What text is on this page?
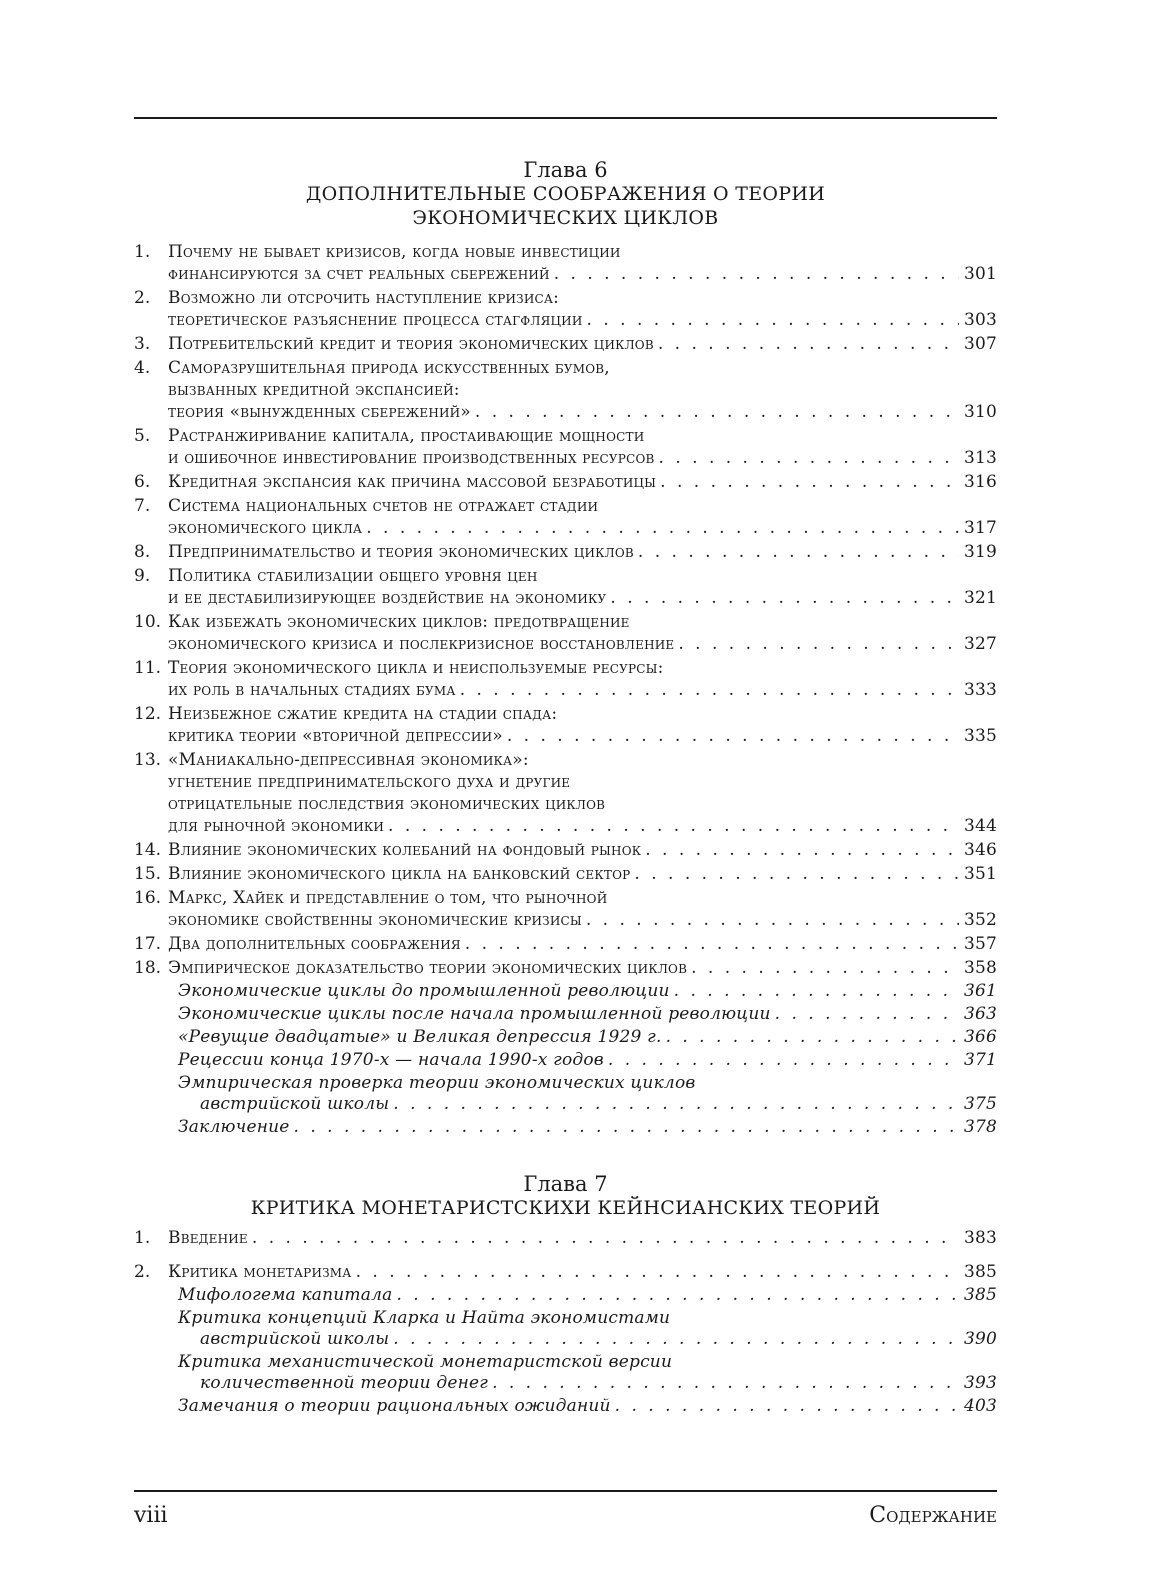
Глава 6
ДОПОЛНИТЕЛЬНЫЕ СООБРАЖЕНИЯ О ТЕОРИИ
ЭКОНОМИЧЕСКИХ ЦИКЛОВ
1.	Почему не бывает кризисов, когда новые инвестиции
финансируются за счет реальных сбережений . . .	301
2.	Возможно ли отсрочить наступление кризиса:
теоретическое разъяснение процесса стагфляции . . .	303
3.	Потребительский кредит и теория экономических циклов . . .	307
4.	Саморазрушительная природа искусственных бумов,
вызванных кредитной экспансией:
теория «вынужденных сбережений» . . .	310
5.	Растранжиривание капитала, простаивающие мощности
и ошибочное инвестирование производственных ресурсов . . .	313
6.	Кредитная экспансия как причина массовой безработицы . . .	316
7.	Система национальных счетов не отражает стадии
экономического цикла . . .	317
8.	Предпринимательство и теория экономических циклов . . .	319
9.	Политика стабилизации общего уровня цен
и ее дестабилизирующее воздействие на экономику . . .	321
10. Как избежать экономических циклов: предотвращение
экономического кризиса и послекризисное восстановление . . .	327
11. Теория экономического цикла и неиспользуемые ресурсы:
их роль в начальных стадиях бума . . .	333
12. Неизбежное сжатие кредита на стадии спада:
критика теории «вторичной депрессии» . . .	335
13. «Маниакально-депрессивная экономика»:
угнетение предпринимательского духа и другие
отрицательные последствия экономических циклов
для рыночной экономики . . .	344
14. Влияние экономических колебаний на фондовый рынок . . .	346
15. Влияние экономического цикла на банковский сектор . . .	351
16. Маркс, Хайек и представление о том, что рыночной
экономике свойственны экономические кризисы . . .	352
17. Два дополнительных соображения . . .	357
18. Эмпирическое доказательство теории экономических циклов . . .	358
Экономические циклы до промышленной революции . . .	361
Экономические циклы после начала промышленной революции . . .	363
«Ревущие двадцатые» и Великая депрессия 1929 г. . . .	366
Рецессии конца 1970-х — начала 1990-х годов . . .	371
Эмпирическая проверка теории экономических циклов
австрийской школы . . .	375
Заключение . . .	378
Глава 7
КРИТИКА МОНЕТАРИСТСКИХИ КЕЙНСИАНСКИХ ТЕОРИЙ
1.	Введение . . .	383
2.	Критика монетаризма . . .	385
Мифологема капитала . . .	385
Критика концепций Кларка и Найта экономистами
австрийской школы . . .	390
Критика механистической монетаристской версии
количественной теории денег . . .	393
Замечания о теории рациональных ожиданий . . .	403
viii	Содержание
